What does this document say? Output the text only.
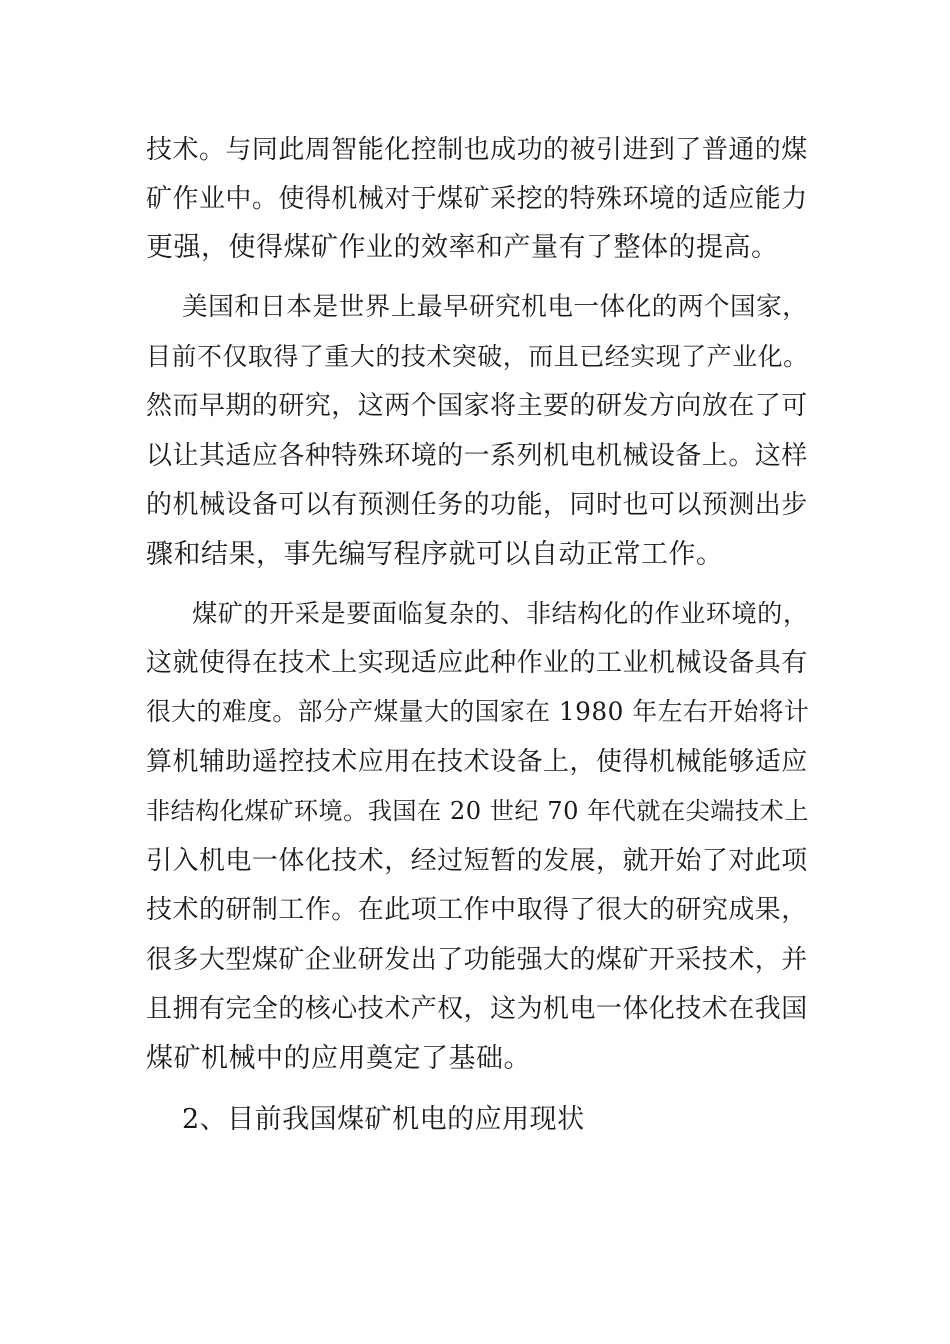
技术。与同此周智能化控制也成功的被引进到了普通的煤
矿作业中。使得机械对于煤矿采挖的特殊环境的适应能力
更强，使得煤矿作业的效率和产量有了整体的提高。
美国和日本是世界上最早研究机电一体化的两个国家，
目前不仅取得了重大的技术突破，而且已经实现了产业化。
然而早期的研究，这两个国家将主要的研发方向放在了可
以让其适应各种特殊环境的一系列机电机械设备上。这样
的机械设备可以有预测任务的功能，同时也可以预测出步
骤和结果，事先编写程序就可以自动正常工作。
煤矿的开采是要面临复杂的、非结构化的作业环境的，
这就使得在技术上实现适应此种作业的工业机械设备具有
很大的难度。部分产煤量大的国家在 1980 年左右开始将计
算机辅助遥控技术应用在技术设备上，使得机械能够适应
非结构化煤矿环境。我国在 20 世纪 70 年代就在尖端技术上
引入机电一体化技术，经过短暂的发展，就开始了对此项
技术的研制工作。在此项工作中取得了很大的研究成果，
很多大型煤矿企业研发出了功能强大的煤矿开采技术，并
且拥有完全的核心技术产权，这为机电一体化技术在我国
煤矿机械中的应用奠定了基础。
2、目前我国煤矿机电的应用现状
